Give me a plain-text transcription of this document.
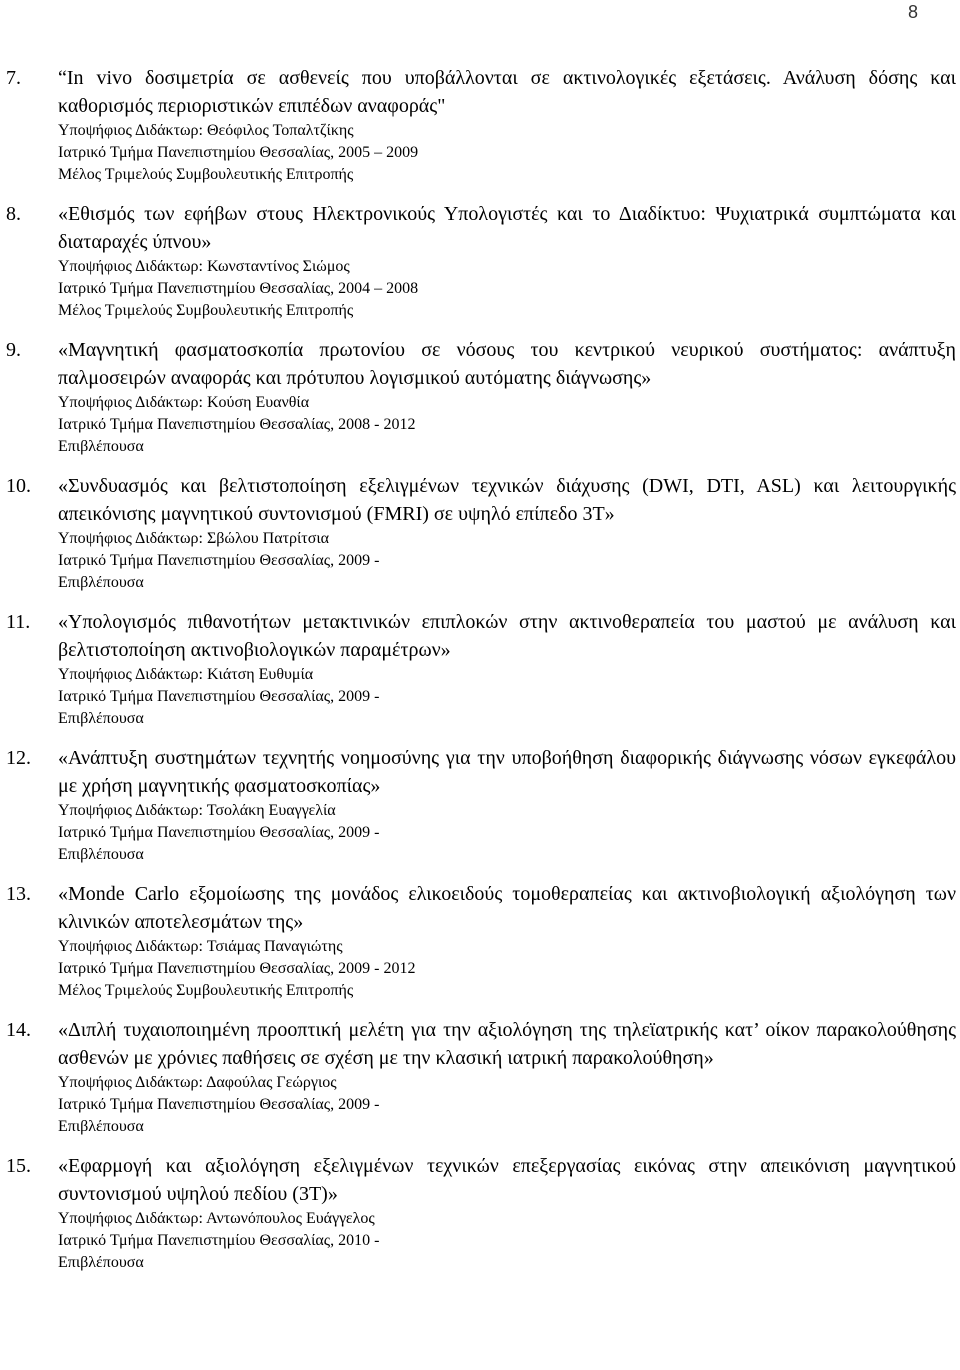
8
7. “In vivo δοσιμετρία σε ασθενείς που υποβάλλονται σε ακτινολογικές εξετάσεις. Ανάλυση δόσης και καθορισμός περιοριστικών επιπέδων αναφοράς"

Υποψήφιος Διδάκτωρ: Θεόφιλος Τοπαλτζίκης

Ιατρικό Τμήμα Πανεπιστημίου Θεσσαλίας, 2005 – 2009

Μέλος Τριμελούς Συμβουλευτικής Επιτροπής

8. «Εθισμός των εφήβων στους Ηλεκτρονικούς Υπολογιστές και το Διαδίκτυο: Ψυχιατρικά συμπτώματα και διαταραχές ύπνου»

Υποψήφιος Διδάκτωρ: Κωνσταντίνος Σιώμος

Ιατρικό Τμήμα Πανεπιστημίου Θεσσαλίας, 2004 – 2008

Μέλος Τριμελούς Συμβουλευτικής Επιτροπής

9. «Μαγνητική φασματοσκοπία πρωτονίου σε νόσους του κεντρικού νευρικού συστήματος: ανάπτυξη παλμοσειρών αναφοράς και πρότυπου λογισμικού αυτόματης διάγνωσης»

Υποψήφιος Διδάκτωρ: Κούση Ευανθία

Ιατρικό Τμήμα Πανεπιστημίου Θεσσαλίας, 2008 - 2012

Επιβλέπουσα

10. «Συνδυασμός και βελτιστοποίηση εξελιγμένων τεχνικών διάχυσης (DWI, DTI, ASL) και λειτουργικής απεικόνισης μαγνητικού συντονισμού (FMRI) σε υψηλό επίπεδο 3T»

Υποψήφιος Διδάκτωρ: Σβώλου Πατρίτσια

Ιατρικό Τμήμα Πανεπιστημίου Θεσσαλίας, 2009 -

Επιβλέπουσα

11. «Υπολογισμός πιθανοτήτων μετακτινικών επιπλοκών στην ακτινοθεραπεία του μαστού με ανάλυση και βελτιστοποίηση ακτινοβιολογικών παραμέτρων»

Υποψήφιος Διδάκτωρ: Κιάτση Ευθυμία

Ιατρικό Τμήμα Πανεπιστημίου Θεσσαλίας, 2009 -

Επιβλέπουσα

12. «Ανάπτυξη συστημάτων τεχνητής νοημοσύνης για την υποβοήθηση διαφορικής διάγνωσης νόσων εγκεφάλου με χρήση μαγνητικής φασματοσκοπίας»

Υποψήφιος Διδάκτωρ: Τσολάκη Ευαγγελία

Ιατρικό Τμήμα Πανεπιστημίου Θεσσαλίας, 2009 -

Επιβλέπουσα

13. «Monde Carlo εξομοίωσης της μονάδος ελικοειδούς τομοθεραπείας και ακτινοβιολογική αξιολόγηση των κλινικών αποτελεσμάτων της»

Υποψήφιος Διδάκτωρ: Τσιάμας Παναγιώτης

Ιατρικό Τμήμα Πανεπιστημίου Θεσσαλίας, 2009 - 2012

Μέλος Τριμελούς Συμβουλευτικής Επιτροπής

14. «Διπλή τυχαιοποιημένη προοπτική μελέτη για την αξιολόγηση της τηλεϊατρικής κατ’ οίκον παρακολούθησης ασθενών με χρόνιες παθήσεις σε σχέση με την κλασική ιατρική παρακολούθηση»

Υποψήφιος Διδάκτωρ: Δαφούλας Γεώργιος

Ιατρικό Τμήμα Πανεπιστημίου Θεσσαλίας, 2009 -

Επιβλέπουσα

15. «Εφαρμογή και αξιολόγηση εξελιγμένων τεχνικών επεξεργασίας εικόνας στην απεικόνιση μαγνητικού συντονισμού υψηλού πεδίου (3T)»

Υποψήφιος Διδάκτωρ: Αντωνόπουλος Ευάγγελος

Ιατρικό Τμήμα Πανεπιστημίου Θεσσαλίας, 2010 -

Επιβλέπουσα
